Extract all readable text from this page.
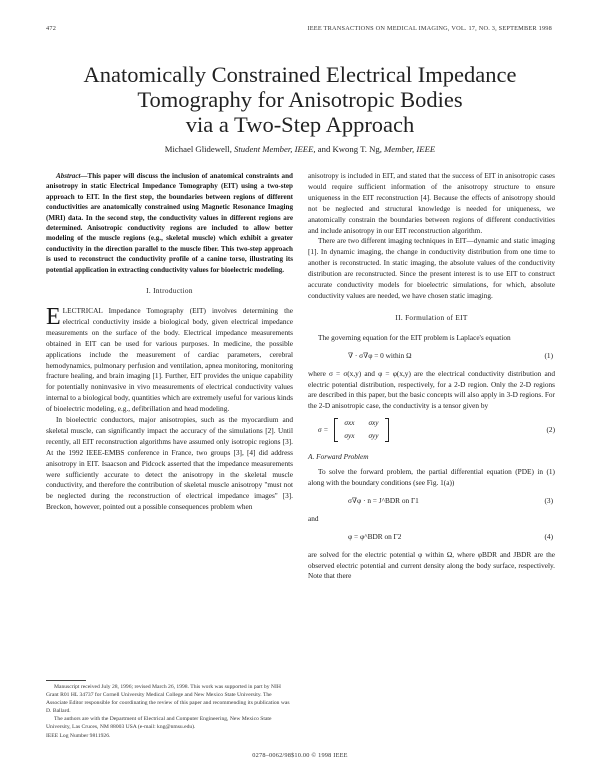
472	IEEE TRANSACTIONS ON MEDICAL IMAGING, VOL. 17, NO. 3, SEPTEMBER 1998
Anatomically Constrained Electrical Impedance
Tomography for Anisotropic Bodies
via a Two-Step Approach
Michael Glidewell, Student Member, IEEE, and Kwong T. Ng, Member, IEEE

Abstract—This paper will discuss the inclusion of anatomical constraints and anisotropy in static Electrical Impedance Tomography (EIT) using a two-step approach to EIT. In the first step, the boundaries between regions of different conductivities are anatomically constrained using Magnetic Resonance Imaging (MRI) data. In the second step, the conductivity values in different regions are determined. Anisotropic conductivity regions are included to allow better modeling of the muscle regions (e.g., skeletal muscle) which exhibit a greater conductivity in the direction parallel to the muscle fiber. This two-step approach is used to reconstruct the conductivity profile of a canine torso, illustrating its potential application in extracting conductivity values for bioelectric modeling.

I. Introduction

ELECTRICAL Impedance Tomography (EIT) involves determining the electrical conductivity inside a biological body, given electrical impedance measurements on the surface of the body. Electrical impedance measurements obtained in EIT can be used for various purposes. In medicine, the possible applications include the measurement of cardiac parameters, cerebral hemodynamics, pulmonary perfusion and ventilation, apnea monitoring, monitoring fracture healing, and brain imaging [1]. Further, EIT provides the unique capability for potentially noninvasive in vivo measurements of electrical conductivity values internal to a biological body, quantities which are extremely useful for various kinds of bioelectric modeling, e.g., defibrillation and head modeling.

In bioelectric conductors, major anisotropies, such as the myocardium and skeletal muscle, can significantly impact the accuracy of the simulations [2]. Until recently, all EIT reconstruction algorithms have assumed only isotropic regions [3]. At the 1992 IEEE-EMBS conference in France, two groups [3], [4] did address anisotropy in EIT. Isaacson and Pidcock asserted that the impedance measurements were sufficiently accurate to detect the anisotropy in the skeletal muscle conductivity, and therefore the contribution of skeletal muscle anisotropy "must not be neglected during the reconstruction of electrical impedance images" [3]. Breckon, however, pointed out a possible consequences problem when

anisotropy is included in EIT, and stated that the success of EIT in anisotropic cases would require sufficient information of the anisotropy structure to ensure uniqueness in the EIT reconstruction [4]. Because the effects of anisotropy should not be neglected and structural knowledge is needed for uniqueness, we anatomically constrain the boundaries between regions of different conductivities and include anisotropy in our EIT reconstruction algorithm.

There are two different imaging techniques in EIT—dynamic and static imaging [1]. In dynamic imaging, the change in conductivity distribution from one time to another is reconstructed. In static imaging, the absolute values of the conductivity distribution are reconstructed. Since the present interest is to use EIT to construct accurate conductivity models for bioelectric simulations, for which, absolute conductivity values are needed, we have chosen static imaging.

II. Formulation of EIT

The governing equation for the EIT problem is Laplace's equation

∇ · σ∇φ = 0 within Ω	(1)

where σ = σ(x,y) and φ = φ(x,y) are the electrical conductivity distribution and electric potential distribution, respectively, for a 2-D region. Only the 2-D regions are described in this paper, but the basic concepts will also apply in 3-D regions. For the 2-D anisotropic case, the conductivity is a tensor given by

σ =
σxx σxy
σyx σyy
(2)
A. Forward Problem

To solve the forward problem, the partial differential equation (PDE) in (1) along with the boundary conditions (see Fig. 1(a))

σ∇φ · n = J^BDR on Γ1	(3)

and

φ = φ^BDR on Γ2	(4)

are solved for the electric potential φ within Ω, where φBDR and JBDR are the observed electric potential and current density along the body surface, respectively. Note that there

Manuscript received July 28, 1996; revised March 26, 1998. This work was supported in part by NIH Grant R01 HL 34737 for Cornell University Medical College and New Mexico State University. The Associate Editor responsible for coordinating the review of this paper and recommending its publication was D. Ballard.

The authors are with the Department of Electrical and Computer Engineering, New Mexico State University, Las Cruces, NM 88003 USA (e-mail: kng@nmsu.edu).

IEEE Log Number 9811926.

0278–0062/98$10.00 © 1998 IEEE
